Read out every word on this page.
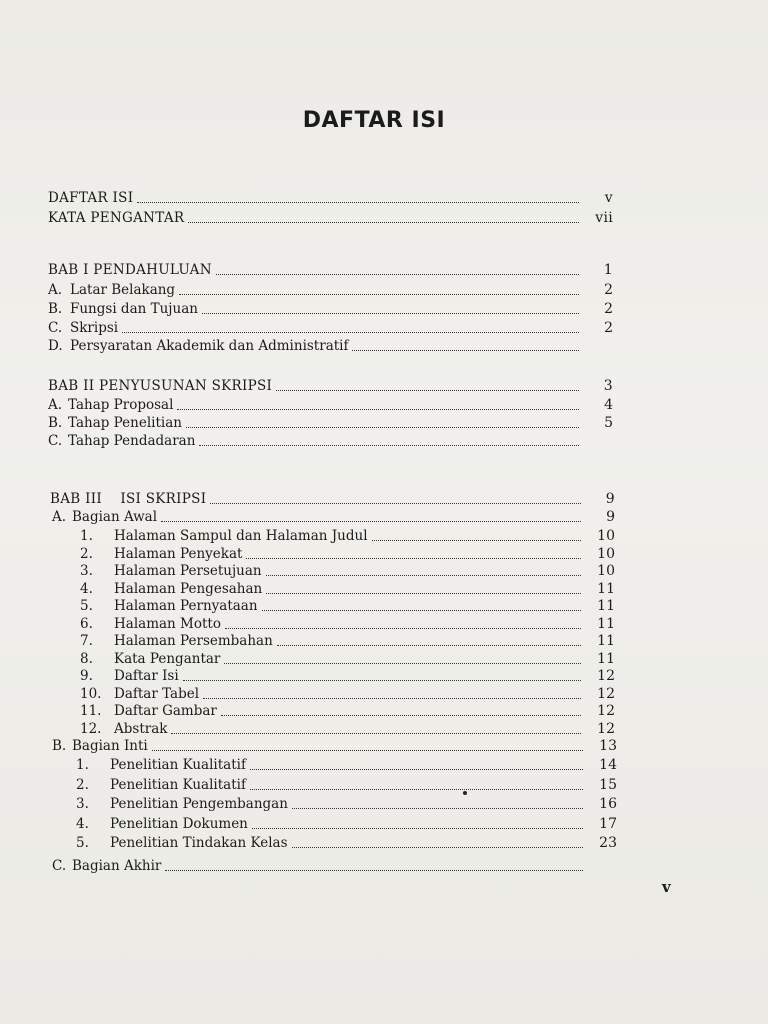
DAFTAR ISI
DAFTAR ISI	v
KATA PENGANTAR	vii
BAB I PENDAHULUAN	1
A. Latar Belakang	2
B. Fungsi dan Tujuan	2
C. Skripsi	2
D. Persyaratan Akademik dan Administratif
BAB II PENYUSUNAN SKRIPSI	3
A. Tahap Proposal	4
B. Tahap Penelitian	5
C. Tahap Pendadaran
BAB III    ISI SKRIPSI	9
A. Bagian Awal	9
1.	Halaman Sampul dan Halaman Judul	10
2.	Halaman Penyekat	10
3.	Halaman Persetujuan	10
4.	Halaman Pengesahan	11
5.	Halaman Pernyataan	11
6.	Halaman Motto	11
7.	Halaman Persembahan	11
8.	Kata Pengantar	11
9.	Daftar Isi	12
10. Daftar Tabel	12
11. Daftar Gambar	12
12. Abstrak	12
B. Bagian Inti	13
1.	Penelitian Kualitatif	14
2.	Penelitian Kualitatif	15
3.	Penelitian Pengembangan	16
4.	Penelitian Dokumen	17
5.	Penelitian Tindakan Kelas	23
C. Bagian Akhir
v
